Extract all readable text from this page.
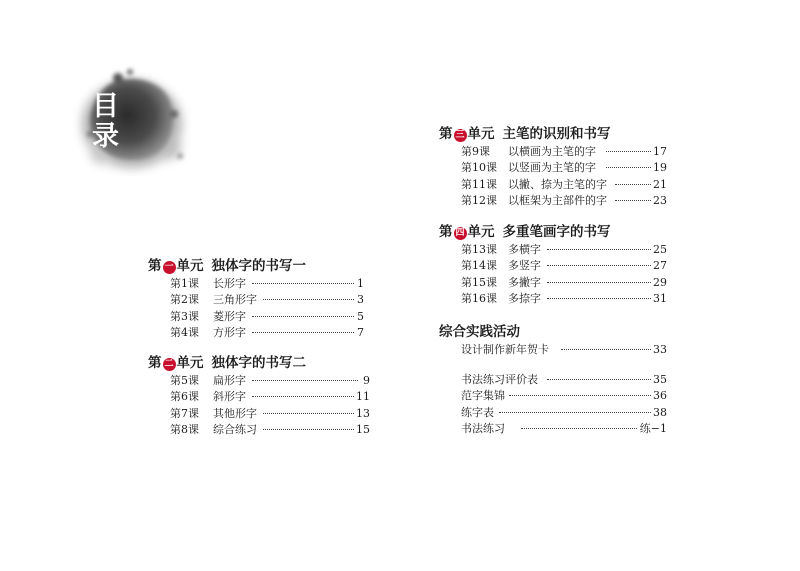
目录
第 一 单元 独体字的书写一
第1课 长形字	1
第2课 三角形字	3
第3课 菱形字	5
第4课 方形字	7
第 二 单元 独体字的书写二
第5课 扁形字	9
第6课 斜形字	11
第7课 其他形字	13
第8课 综合练习	15
第 三 单元 主笔的识别和书写
第9课 以横画为主笔的字	17
第10课 以竖画为主笔的字	19
第11课 以撇、捺为主笔的字	21
第12课 以框架为主部件的字	23
第 四 单元 多重笔画字的书写
第13课 多横字	25
第14课 多竖字	27
第15课 多撇字	29
第16课 多捺字	31
综合实践活动
设计制作新年贺卡	33
书法练习评价表	35
范字集锦	36
练字表	38
书法练习	练−1
